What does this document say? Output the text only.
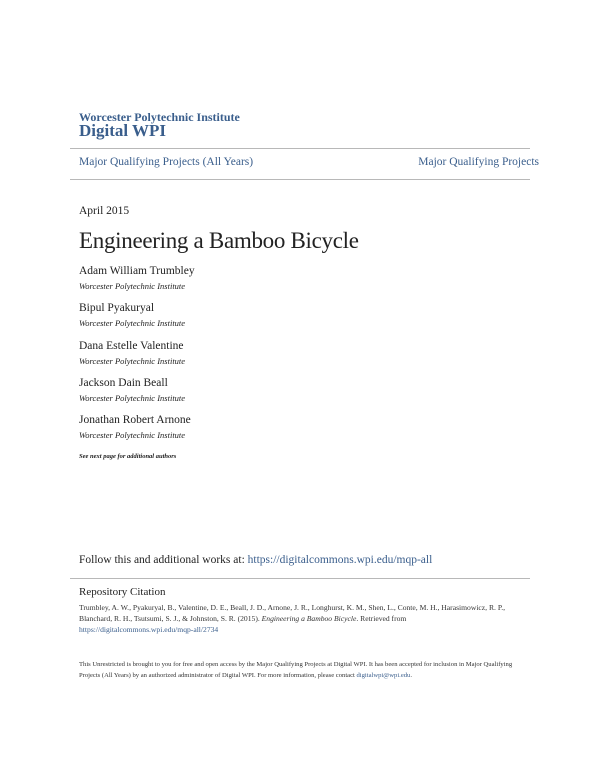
Worcester Polytechnic Institute
Digital WPI
Major Qualifying Projects (All Years)	Major Qualifying Projects
April 2015
Engineering a Bamboo Bicycle
Adam William Trumbley
Worcester Polytechnic Institute
Bipul Pyakuryal
Worcester Polytechnic Institute
Dana Estelle Valentine
Worcester Polytechnic Institute
Jackson Dain Beall
Worcester Polytechnic Institute
Jonathan Robert Arnone
Worcester Polytechnic Institute
See next page for additional authors
Follow this and additional works at: https://digitalcommons.wpi.edu/mqp-all
Repository Citation
Trumbley, A. W., Pyakuryal, B., Valentine, D. E., Beall, J. D., Arnone, J. R., Longhurst, K. M., Shen, L., Conte, M. H., Harasimowicz, R. P., Blanchard, R. H., Tsutsumi, S. J., & Johnston, S. R. (2015). Engineering a Bamboo Bicycle. Retrieved from
https://digitalcommons.wpi.edu/mqp-all/2734
This Unrestricted is brought to you for free and open access by the Major Qualifying Projects at Digital WPI. It has been accepted for inclusion in Major Qualifying Projects (All Years) by an authorized administrator of Digital WPI. For more information, please contact digitalwpi@wpi.edu.
